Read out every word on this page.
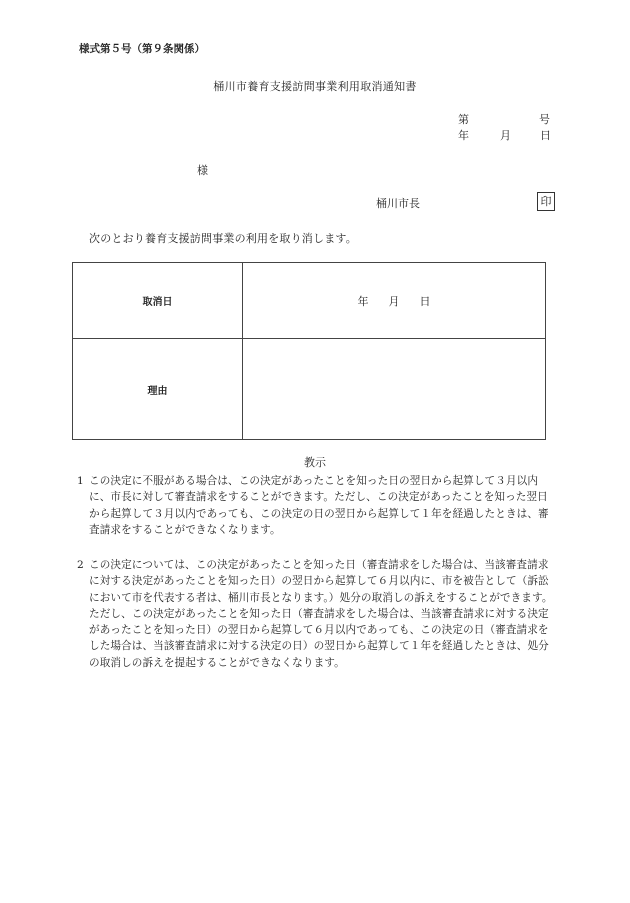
様式第５号（第９条関係）
桶川市養育支援訪問事業利用取消通知書
第	号
年	月	日
様
桶川市長	印
次のとおり養育支援訪問事業の利用を取り消します。
取消日	年 月 日
理由	
教示
1 この決定に不服がある場合は、この決定があったことを知った日の翌日から起算して３月以内に、市長に対して審査請求をすることができます。ただし、この決定があったことを知った翌日から起算して３月以内であっても、この決定の日の翌日から起算して１年を経過したときは、審査請求をすることができなくなります。
2 この決定については、この決定があったことを知った日（審査請求をした場合は、当該審査請求に対する決定があったことを知った日）の翌日から起算して６月以内に、市を被告として（訴訟において市を代表する者は、桶川市長となります。）処分の取消しの訴えをすることができます。ただし、この決定があったことを知った日（審査請求をした場合は、当該審査請求に対する決定があったことを知った日）の翌日から起算して６月以内であっても、この決定の日（審査請求をした場合は、当該審査請求に対する決定の日）の翌日から起算して１年を経過したときは、処分の取消しの訴えを提起することができなくなります。
